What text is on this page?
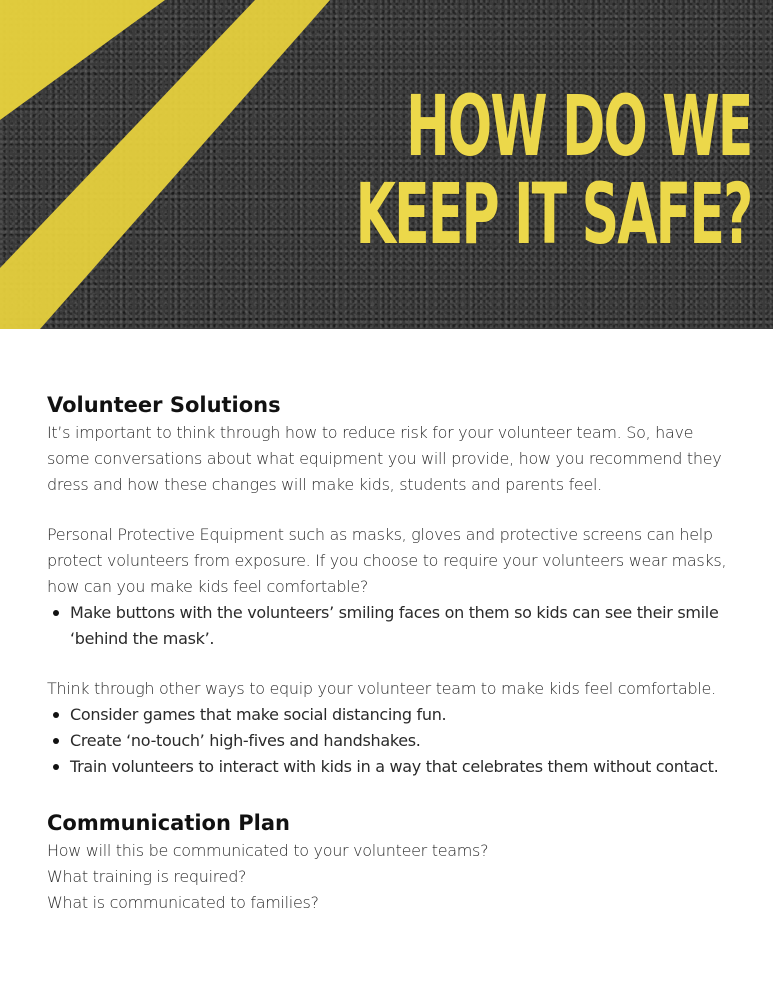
HOW DO WE
KEEP IT SAFE?
Volunteer Solutions

It’s important to think through how to reduce risk for your volunteer team. So, have some conversations about what equipment you will provide, how you recommend they dress and how these changes will make kids, students and parents feel.

Personal Protective Equipment such as masks, gloves and protective screens can help protect volunteers from exposure. If you choose to require your volunteers wear masks, how can you make kids feel comfortable?

Make buttons with the volunteers’ smiling faces on them so kids can see their smile ‘behind the mask’.

Think through other ways to equip your volunteer team to make kids feel comfortable.

Consider games that make social distancing fun.
Create ‘no-touch’ high-fives and handshakes.
Train volunteers to interact with kids in a way that celebrates them without contact.
Communication Plan

How will this be communicated to your volunteer teams?

What training is required?

What is communicated to families?
